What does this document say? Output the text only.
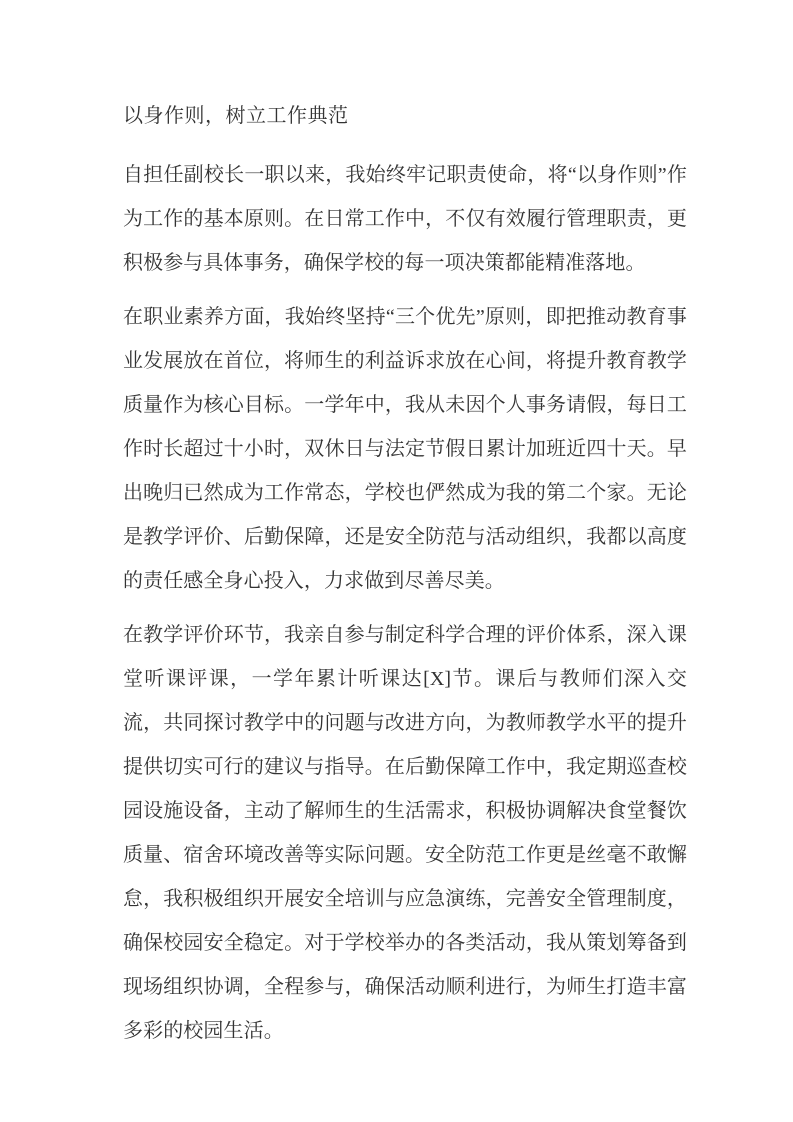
以身作则，树立工作典范

自担任副校长一职以来，我始终牢记职责使命，将“以身作则”作为工作的基本原则。在日常工作中，不仅有效履行管理职责，更积极参与具体事务，确保学校的每一项决策都能精准落地。

在职业素养方面，我始终坚持“三个优先”原则，即把推动教育事业发展放在首位，将师生的利益诉求放在心间，将提升教育教学质量作为核心目标。一学年中，我从未因个人事务请假，每日工作时长超过十小时，双休日与法定节假日累计加班近四十天。早出晚归已然成为工作常态，学校也俨然成为我的第二个家。无论是教学评价、后勤保障，还是安全防范与活动组织，我都以高度的责任感全身心投入，力求做到尽善尽美。

在教学评价环节，我亲自参与制定科学合理的评价体系，深入课堂听课评课，一学年累计听课达[X]节。课后与教师们深入交流，共同探讨教学中的问题与改进方向，为教师教学水平的提升提供切实可行的建议与指导。在后勤保障工作中，我定期巡查校园设施设备，主动了解师生的生活需求，积极协调解决食堂餐饮质量、宿舍环境改善等实际问题。安全防范工作更是丝毫不敢懈怠，我积极组织开展安全培训与应急演练，完善安全管理制度，确保校园安全稳定。对于学校举办的各类活动，我从策划筹备到现场组织协调，全程参与，确保活动顺利进行，为师生打造丰富多彩的校园生活。
